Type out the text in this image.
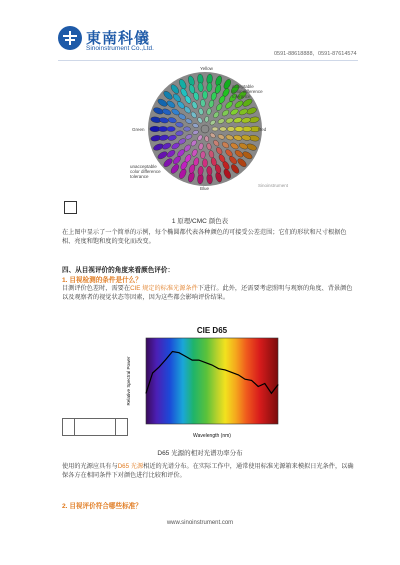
東南科儀
Sinoinstrument Co.,Ltd.
0591-88618888，0591-87614574
Yellow
Red
Blue
Green
acceptable
color difference
tolerance
unacceptable
color difference
tolerance
Sinoinstrument
1 原理/CMC 颜色表
在上图中显示了一个简单的示例，每个椭圆都代表各种颜色的可接受公差范围；它们的形状和尺寸根据色相、亮度和饱和度的变化而改变。
四、从目视评价的角度来看颜色评价：
1. 目视检测的条件是什么？
目测评价色差时，需要在CIE 规定的标准光源条件下进行。此外，还需要考虑照明与观察的角度、背景颜色以及观察者的视觉状态等因素，因为这些都会影响评价结果。
CIE D65
Wavelength (nm)
Relative Spectral Power
D65 光源的相对光谱功率分布
使用的光源应具有与D65 光源相近的光谱分布。在实际工作中，通常使用标准光源箱来模拟日光条件，以确保各方在相同条件下对颜色进行比较和评价。
2. 目视评价符合哪些标准？
www.sinoinstrument.com
